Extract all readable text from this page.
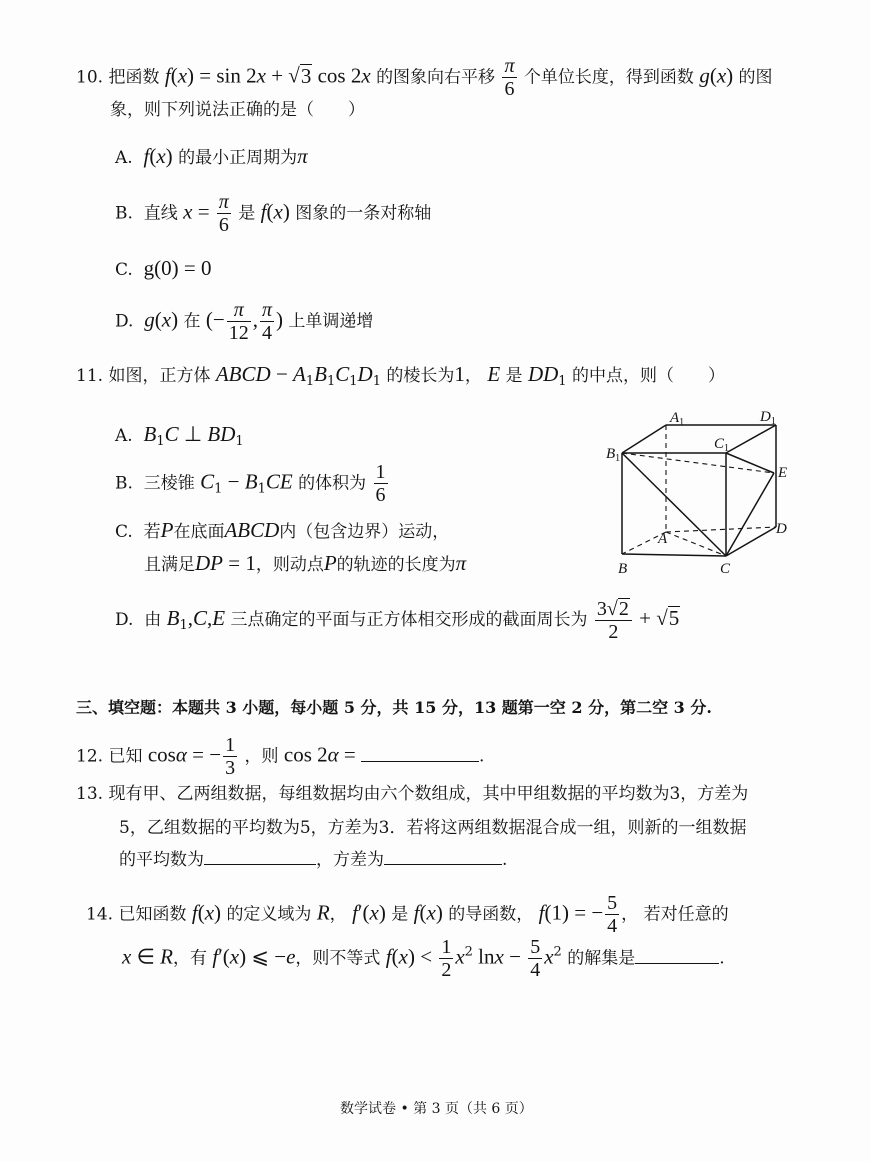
10. 把函数 f(x) = sin 2x + √3 cos 2x 的图象向右平移 $\frac{\pi}{6}$ 个单位长度，得到函数 g(x) 的图
象，则下列说法正确的是（　　）
A. f(x) 的最小正周期为π
B. 直线 $x = \frac{\pi}{6}$ 是 f(x) 图象的一条对称轴
C. g(0) = 0
D. g(x) 在 (− $\frac{\pi}{12}$ , $\frac{\pi}{4}$ ) 上单调递增
11. 如图，正方体 ABCD − $A_1B_1C_1D_1$ 的棱长为1， E 是 $DD_1$ 的中点，则（　　）
A. $B_1C$ ⊥ $BD_1$
B. 三棱锥 $C_1 - B_1CE$ 的体积为 $\frac{1}{6}$
C. 若P在底面ABCD内（包含边界）运动，
且满足DP = 1，则动点P的轨迹的长度为π
D. 由 $B_1,C,E$ 三点确定的平面与正方体相交形成的截面周长为 $\frac{3√2}{2} + √5$
$A_1$	$D_1$
$B_1$
$C_1$
E
A
D
B	C
三、填空题：本题共 3 小题，每小题 5 分，共 15 分，13 题第一空 2 分，第二空 3 分.
12. 已知 cosα = − $\frac{1}{3}$ ，则 cos 2α =	.
13. 现有甲、乙两组数据，每组数据均由六个数组成，其中甲组数据的平均数为3，方差为
5，乙组数据的平均数为5，方差为3．若将这两组数据混合成一组，则新的一组数据
的平均数为	，方差为	.
14. 已知函数 f(x) 的定义域为 R， f′(x) 是 f(x) 的导函数， f(1) = − $\frac{5}{4}$ ， 若对任意的
x ∈ R，有 f′(x) ⩽ −e，则不等式 $f(x) < \frac{1}{2} x^2$ $\ln x - \frac{5}{4} x^2$ 的解集是	.
数学试卷 • 第 3 页（共 6 页）
